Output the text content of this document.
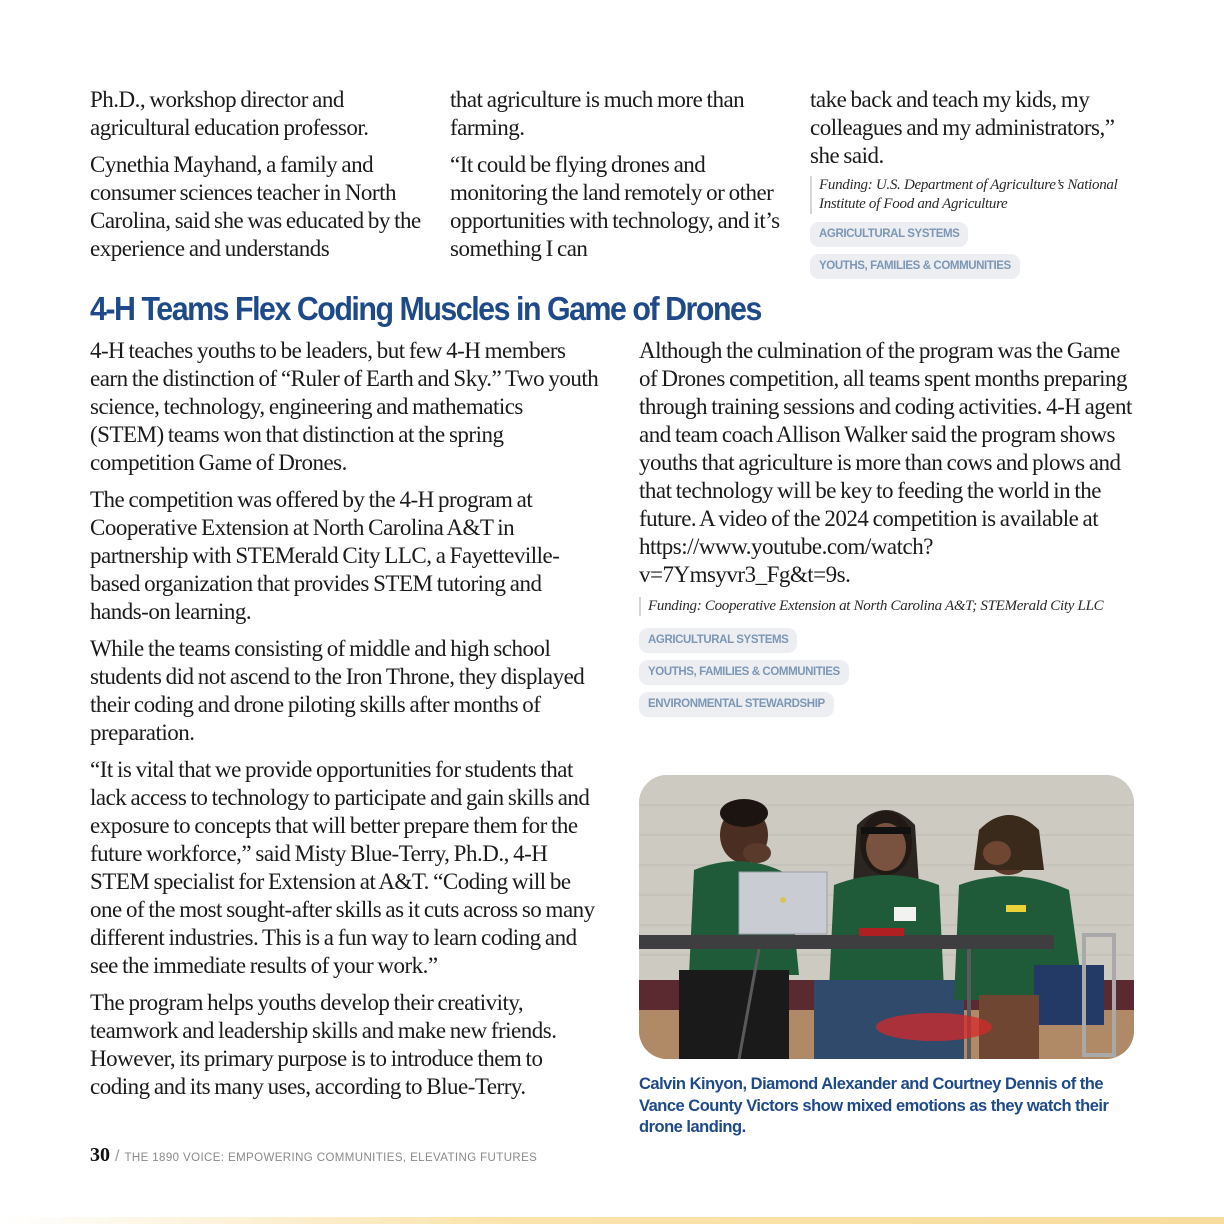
Ph.D., workshop director and agricultural education professor.

Cynethia Mayhand, a family and consumer sciences teacher in North Carolina, said she was educated by the experience and understands

that agriculture is much more than farming.

“It could be flying drones and monitoring the land remotely or other opportunities with technology, and it’s something I can

take back and teach my kids, my colleagues and my administrators,” she said.

Funding: U.S. Department of Agriculture’s National Institute of Food and Agriculture
AGRICULTURAL SYSTEMS
YOUTHS, FAMILIES & COMMUNITIES
4-H Teams Flex Coding Muscles in Game of Drones

4-H teaches youths to be leaders, but few 4-H members earn the distinction of “Ruler of Earth and Sky.” Two youth science, technology, engineering and mathematics (STEM) teams won that distinction at the spring competition Game of Drones.

The competition was offered by the 4-H program at Cooperative Extension at North Carolina A&T in partnership with STEMerald City LLC, a Fayetteville-based organization that provides STEM tutoring and hands-on learning.

While the teams consisting of middle and high school students did not ascend to the Iron Throne, they displayed their coding and drone piloting skills after months of preparation.

“It is vital that we provide opportunities for students that lack access to technology to participate and gain skills and exposure to concepts that will better prepare them for the future workforce,” said Misty Blue-Terry, Ph.D., 4-H STEM specialist for Extension at A&T. “Coding will be one of the most sought-after skills as it cuts across so many different industries. This is a fun way to learn coding and see the immediate results of your work.”

The program helps youths develop their creativity, teamwork and leadership skills and make new friends. However, its primary purpose is to introduce them to coding and its many uses, according to Blue-Terry.

Although the culmination of the program was the Game of Drones competition, all teams spent months preparing through training sessions and coding activities. 4-H agent and team coach Allison Walker said the program shows youths that agriculture is more than cows and plows and that technology will be key to feeding the world in the future. A video of the 2024 competition is available at https://www.youtube.com/watch?v=7Ymsyvr3_Fg&t=9s.

Funding: Cooperative Extension at North Carolina A&T; STEMerald City LLC
AGRICULTURAL SYSTEMS
YOUTHS, FAMILIES & COMMUNITIES
ENVIRONMENTAL STEWARDSHIP
Calvin Kinyon, Diamond Alexander and Courtney Dennis of the Vance County Victors show mixed emotions as they watch their drone landing.
30 / THE 1890 VOICE: EMPOWERING COMMUNITIES, ELEVATING FUTURES
